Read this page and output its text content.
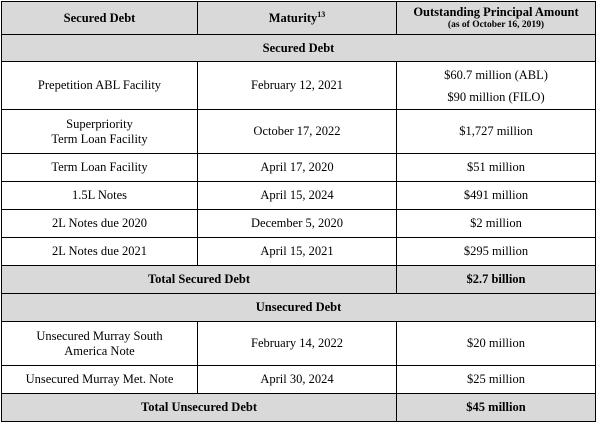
Secured Debt	Maturity$^{13}$	Outstanding Principal Amount
(as of October 16, 2019)

Secured Debt		
Prepetition ABL Facility	February 12, 2021	$60.7 million (ABL)
$90 million (FILO)

Superpriority
Term Loan Facility	October 17, 2022	$1,727 million
Term Loan Facility	April 17, 2020	$51 million
1.5L Notes	April 15, 2024	$491 million
2L Notes due 2020	December 5, 2020	$2 million
2L Notes due 2021	April 15, 2021	$295 million
Total Secured Debt		$2.7 billion
Unsecured Debt		

Unsecured Murray South
America Note	February 14, 2022	$20 million
Unsecured Murray Met. Note	April 30, 2024	$25 million
Total Unsecured Debt		$45 million
